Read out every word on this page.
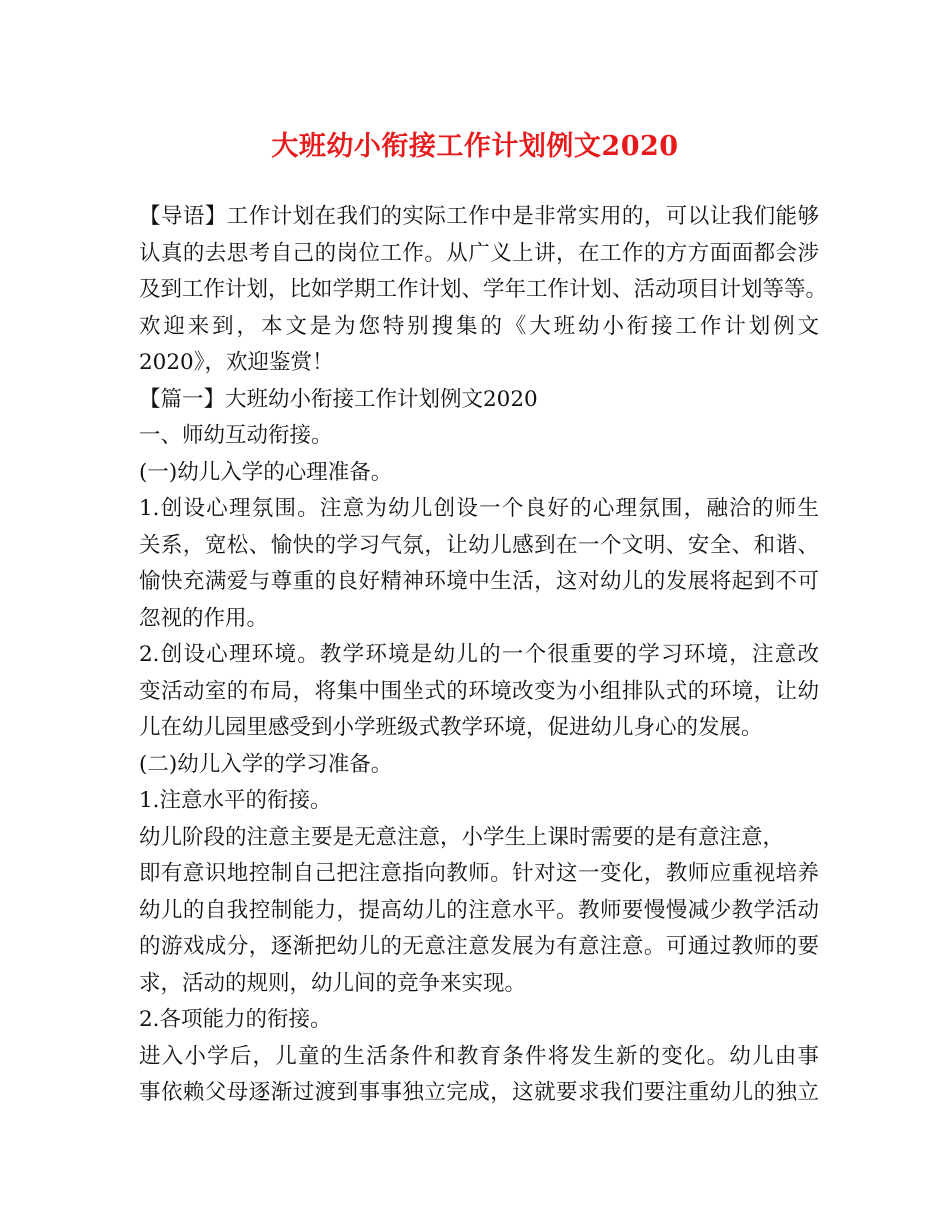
大班幼小衔接工作计划例文2020
【导语】工作计划在我们的实际工作中是非常实用的，可以让我们能够
认真的去思考自己的岗位工作。从广义上讲，在工作的方方面面都会涉
及到工作计划，比如学期工作计划、学年工作计划、活动项目计划等等。
欢迎来到，本文是为您特别搜集的《大班幼小衔接工作计划例文
2020》，欢迎鉴赏！
【篇一】大班幼小衔接工作计划例文2020
一、师幼互动衔接。
(一)幼儿入学的心理准备。
1.创设心理氛围。注意为幼儿创设一个良好的心理氛围，融洽的师生
关系，宽松、愉快的学习气氛，让幼儿感到在一个文明、安全、和谐、
愉快充满爱与尊重的良好精神环境中生活，这对幼儿的发展将起到不可
忽视的作用。
2.创设心理环境。教学环境是幼儿的一个很重要的学习环境，注意改
变活动室的布局，将集中围坐式的环境改变为小组排队式的环境，让幼
儿在幼儿园里感受到小学班级式教学环境，促进幼儿身心的发展。
(二)幼儿入学的学习准备。
1.注意水平的衔接。
幼儿阶段的注意主要是无意注意，小学生上课时需要的是有意注意，
即有意识地控制自己把注意指向教师。针对这一变化，教师应重视培养
幼儿的自我控制能力，提高幼儿的注意水平。教师要慢慢减少教学活动
的游戏成分，逐渐把幼儿的无意注意发展为有意注意。可通过教师的要
求，活动的规则，幼儿间的竞争来实现。
2.各项能力的衔接。
进入小学后，儿童的生活条件和教育条件将发生新的变化。幼儿由事
事依赖父母逐渐过渡到事事独立完成，这就要求我们要注重幼儿的独立
